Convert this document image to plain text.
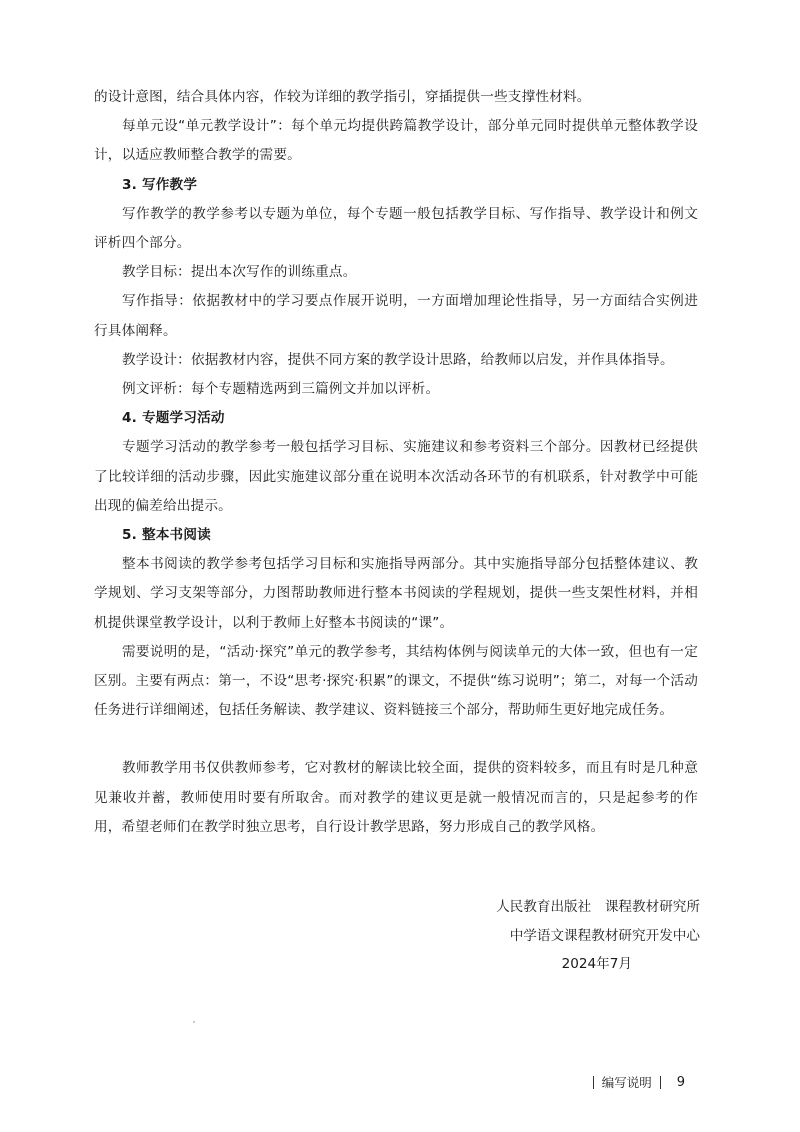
的设计意图，结合具体内容，作较为详细的教学指引，穿插提供一些支撑性材料。

每单元设“单元教学设计”：每个单元均提供跨篇教学设计，部分单元同时提供单元整体教学设计，以适应教师整合教学的需要。

3. 写作教学

写作教学的教学参考以专题为单位，每个专题一般包括教学目标、写作指导、教学设计和例文评析四个部分。

教学目标：提出本次写作的训练重点。

写作指导：依据教材中的学习要点作展开说明，一方面增加理论性指导，另一方面结合实例进行具体阐释。

教学设计：依据教材内容，提供不同方案的教学设计思路，给教师以启发，并作具体指导。

例文评析：每个专题精选两到三篇例文并加以评析。

4. 专题学习活动

专题学习活动的教学参考一般包括学习目标、实施建议和参考资料三个部分。因教材已经提供了比较详细的活动步骤，因此实施建议部分重在说明本次活动各环节的有机联系，针对教学中可能出现的偏差给出提示。

5. 整本书阅读

整本书阅读的教学参考包括学习目标和实施指导两部分。其中实施指导部分包括整体建议、教学规划、学习支架等部分，力图帮助教师进行整本书阅读的学程规划，提供一些支架性材料，并相机提供课堂教学设计，以利于教师上好整本书阅读的“课”。

需要说明的是，“活动·探究”单元的教学参考，其结构体例与阅读单元的大体一致，但也有一定区别。主要有两点：第一，不设“思考·探究·积累”的课文，不提供“练习说明”；第二，对每一个活动任务进行详细阐述，包括任务解读、教学建议、资料链接三个部分，帮助师生更好地完成任务。

教师教学用书仅供教师参考，它对教材的解读比较全面，提供的资料较多，而且有时是几种意见兼收并蓄，教师使用时要有所取舍。而对教学的建议更是就一般情况而言的，只是起参考的作用，希望老师们在教学时独立思考，自行设计教学思路，努力形成自己的教学风格。

人民教育出版社　课程教材研究所
中学语文课程教材研究开发中心
2024年7月
编写说明 9
